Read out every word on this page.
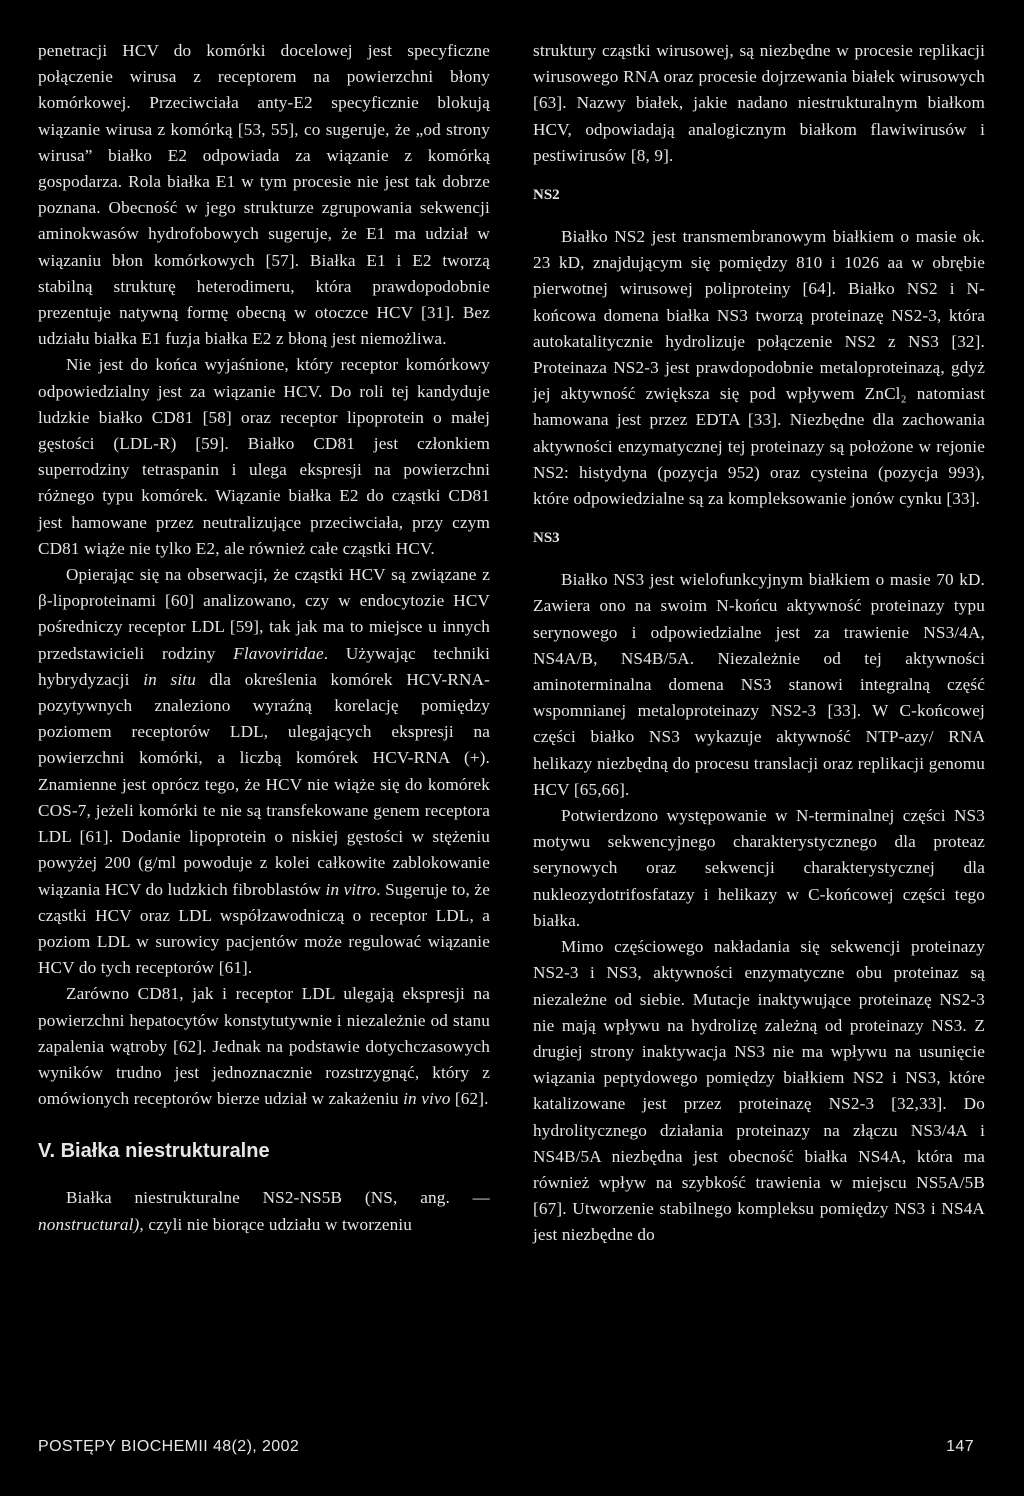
penetracji HCV do komórki docelowej jest specyficzne połączenie wirusa z receptorem na powierzchni błony komórkowej. Przeciwciała anty-E2 specyficznie blokują wiązanie wirusa z komórką [53, 55], co sugeruje, że „od strony wirusa” białko E2 odpowiada za wiązanie z komórką gospodarza. Rola białka E1 w tym procesie nie jest tak dobrze poznana. Obecność w jego strukturze zgrupowania sekwencji aminokwasów hydrofobowych sugeruje, że E1 ma udział w wiązaniu błon komórkowych [57]. Białka E1 i E2 tworzą stabilną strukturę heterodimeru, która prawdopodobnie prezentuje natywną formę obecną w otoczce HCV [31]. Bez udziału białka E1 fuzja białka E2 z błoną jest niemożliwa.

Nie jest do końca wyjaśnione, który receptor komórkowy odpowiedzialny jest za wiązanie HCV. Do roli tej kandyduje ludzkie białko CD81 [58] oraz receptor lipoprotein o małej gęstości (LDL-R) [59]. Białko CD81 jest członkiem superrodziny tetraspanin i ulega ekspresji na powierzchni różnego typu komórek. Wiązanie białka E2 do cząstki CD81 jest hamowane przez neutralizujące przeciwciała, przy czym CD81 wiąże nie tylko E2, ale również całe cząstki HCV.

Opierając się na obserwacji, że cząstki HCV są związane z β-lipoproteinami [60] analizowano, czy w endocytozie HCV pośredniczy receptor LDL [59], tak jak ma to miejsce u innych przedstawicieli rodziny Flavoviridae. Używając techniki hybrydyzacji in situ dla określenia komórek HCV-RNA-pozytywnych znaleziono wyraźną korelację pomiędzy poziomem receptorów LDL, ulegających ekspresji na powierzchni komórki, a liczbą komórek HCV-RNA (+). Znamienne jest oprócz tego, że HCV nie wiąże się do komórek COS-7, jeżeli komórki te nie są transfekowane genem receptora LDL [61]. Dodanie lipoprotein o niskiej gęstości w stężeniu powyżej 200 (g/ml powoduje z kolei całkowite zablokowanie wiązania HCV do ludzkich fibroblastów in vitro. Sugeruje to, że cząstki HCV oraz LDL współzawodniczą o receptor LDL, a poziom LDL w surowicy pacjentów może regulować wiązanie HCV do tych receptorów [61].

Zarówno CD81, jak i receptor LDL ulegają ekspresji na powierzchni hepatocytów konstytutywnie i niezależnie od stanu zapalenia wątroby [62]. Jednak na podstawie dotychczasowych wyników trudno jest jednoznacznie rozstrzygnąć, który z omówionych receptorów bierze udział w zakażeniu in vivo [62].

V. Białka niestrukturalne

Białka niestrukturalne NS2-NS5B (NS, ang. — nonstructural), czyli nie biorące udziału w tworzeniu

struktury cząstki wirusowej, są niezbędne w procesie replikacji wirusowego RNA oraz procesie dojrzewania białek wirusowych [63]. Nazwy białek, jakie nadano niestrukturalnym białkom HCV, odpowiadają analogicznym białkom flawiwirusów i pestiwirusów [8, 9].

NS2

Białko NS2 jest transmembranowym białkiem o masie ok. 23 kD, znajdującym się pomiędzy 810 i 1026 aa w obrębie pierwotnej wirusowej poliproteiny [64]. Białko NS2 i N-końcowa domena białka NS3 tworzą proteinazę NS2-3, która autokatalitycznie hydrolizuje połączenie NS2 z NS3 [32]. Proteinaza NS2-3 jest prawdopodobnie metaloproteinazą, gdyż jej aktywność zwiększa się pod wpływem ZnCl₂ natomiast hamowana jest przez EDTA [33]. Niezbędne dla zachowania aktywności enzymatycznej tej proteinazy są położone w rejonie NS2: histydyna (pozycja 952) oraz cysteina (pozycja 993), które odpowiedzialne są za kompleksowanie jonów cynku [33].

NS3

Białko NS3 jest wielofunkcyjnym białkiem o masie 70 kD. Zawiera ono na swoim N-końcu aktywność proteinazy typu serynowego i odpowiedzialne jest za trawienie NS3/4A, NS4A/B, NS4B/5A. Niezależnie od tej aktywności aminoterminalna domena NS3 stanowi integralną część wspomnianej metaloproteinazy NS2-3 [33]. W C-końcowej części białko NS3 wykazuje aktywność NTP-azy/ RNA helikazy niezbędną do procesu translacji oraz replikacji genomu HCV [65,66].

Potwierdzono występowanie w N-terminalnej części NS3 motywu sekwencyjnego charakterystycznego dla proteaz serynowych oraz sekwencji charakterystycznej dla nukleozydotrifosfatazy i helikazy w C-końcowej części tego białka.

Mimo częściowego nakładania się sekwencji proteinazy NS2-3 i NS3, aktywności enzymatyczne obu proteinaz są niezależne od siebie. Mutacje inaktywujące proteinazę NS2-3 nie mają wpływu na hydrolizę zależną od proteinazy NS3. Z drugiej strony inaktywacja NS3 nie ma wpływu na usunięcie wiązania peptydowego pomiędzy białkiem NS2 i NS3, które katalizowane jest przez proteinazę NS2-3 [32,33]. Do hydrolitycznego działania proteinazy na złączu NS3/4A i NS4B/5A niezbędna jest obecność białka NS4A, która ma również wpływ na szybkość trawienia w miejscu NS5A/5B [67]. Utworzenie stabilnego kompleksu pomiędzy NS3 i NS4A jest niezbędne do

POSTĘPY BIOCHEMII 48(2), 2002	147
